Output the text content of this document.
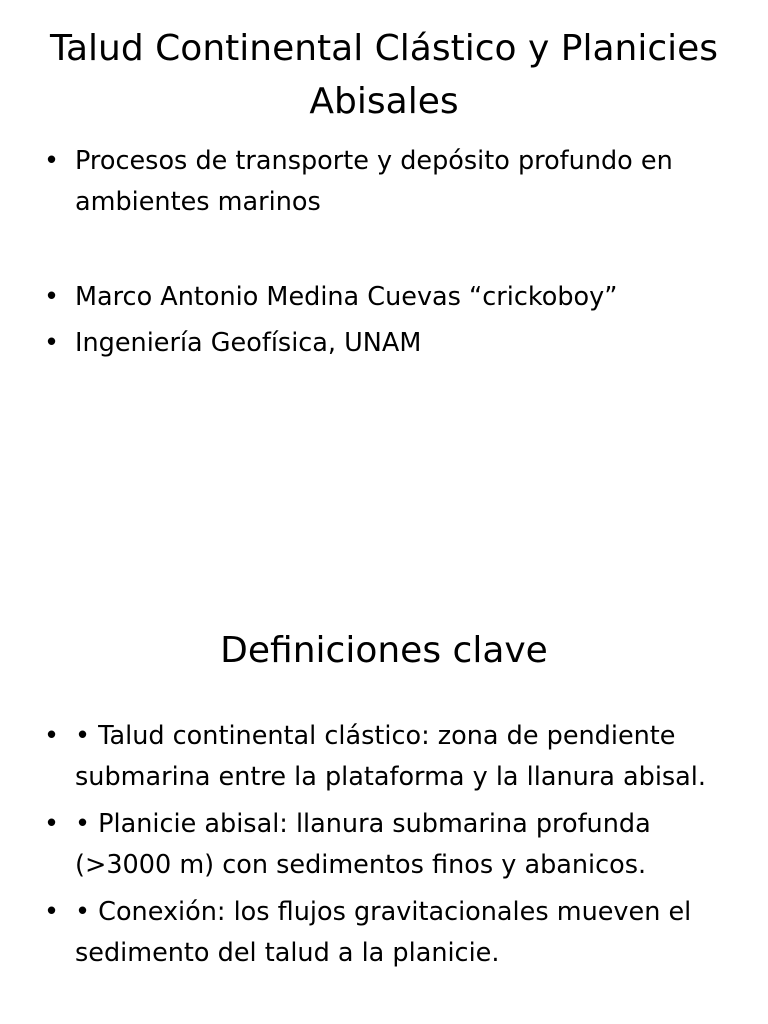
Talud Continental Clástico y Planicies Abisales
• Procesos de transporte y depósito profundo en ambientes marinos
• Marco Antonio Medina Cuevas “crickoboy”
• Ingeniería Geofísica, UNAM
Definiciones clave
• • Talud continental clástico: zona de pendiente submarina entre la plataforma y la llanura abisal.
• • Planicie abisal: llanura submarina profunda (>3000 m) con sedimentos finos y abanicos.
• • Conexión: los flujos gravitacionales mueven el sedimento del talud a la planicie.
